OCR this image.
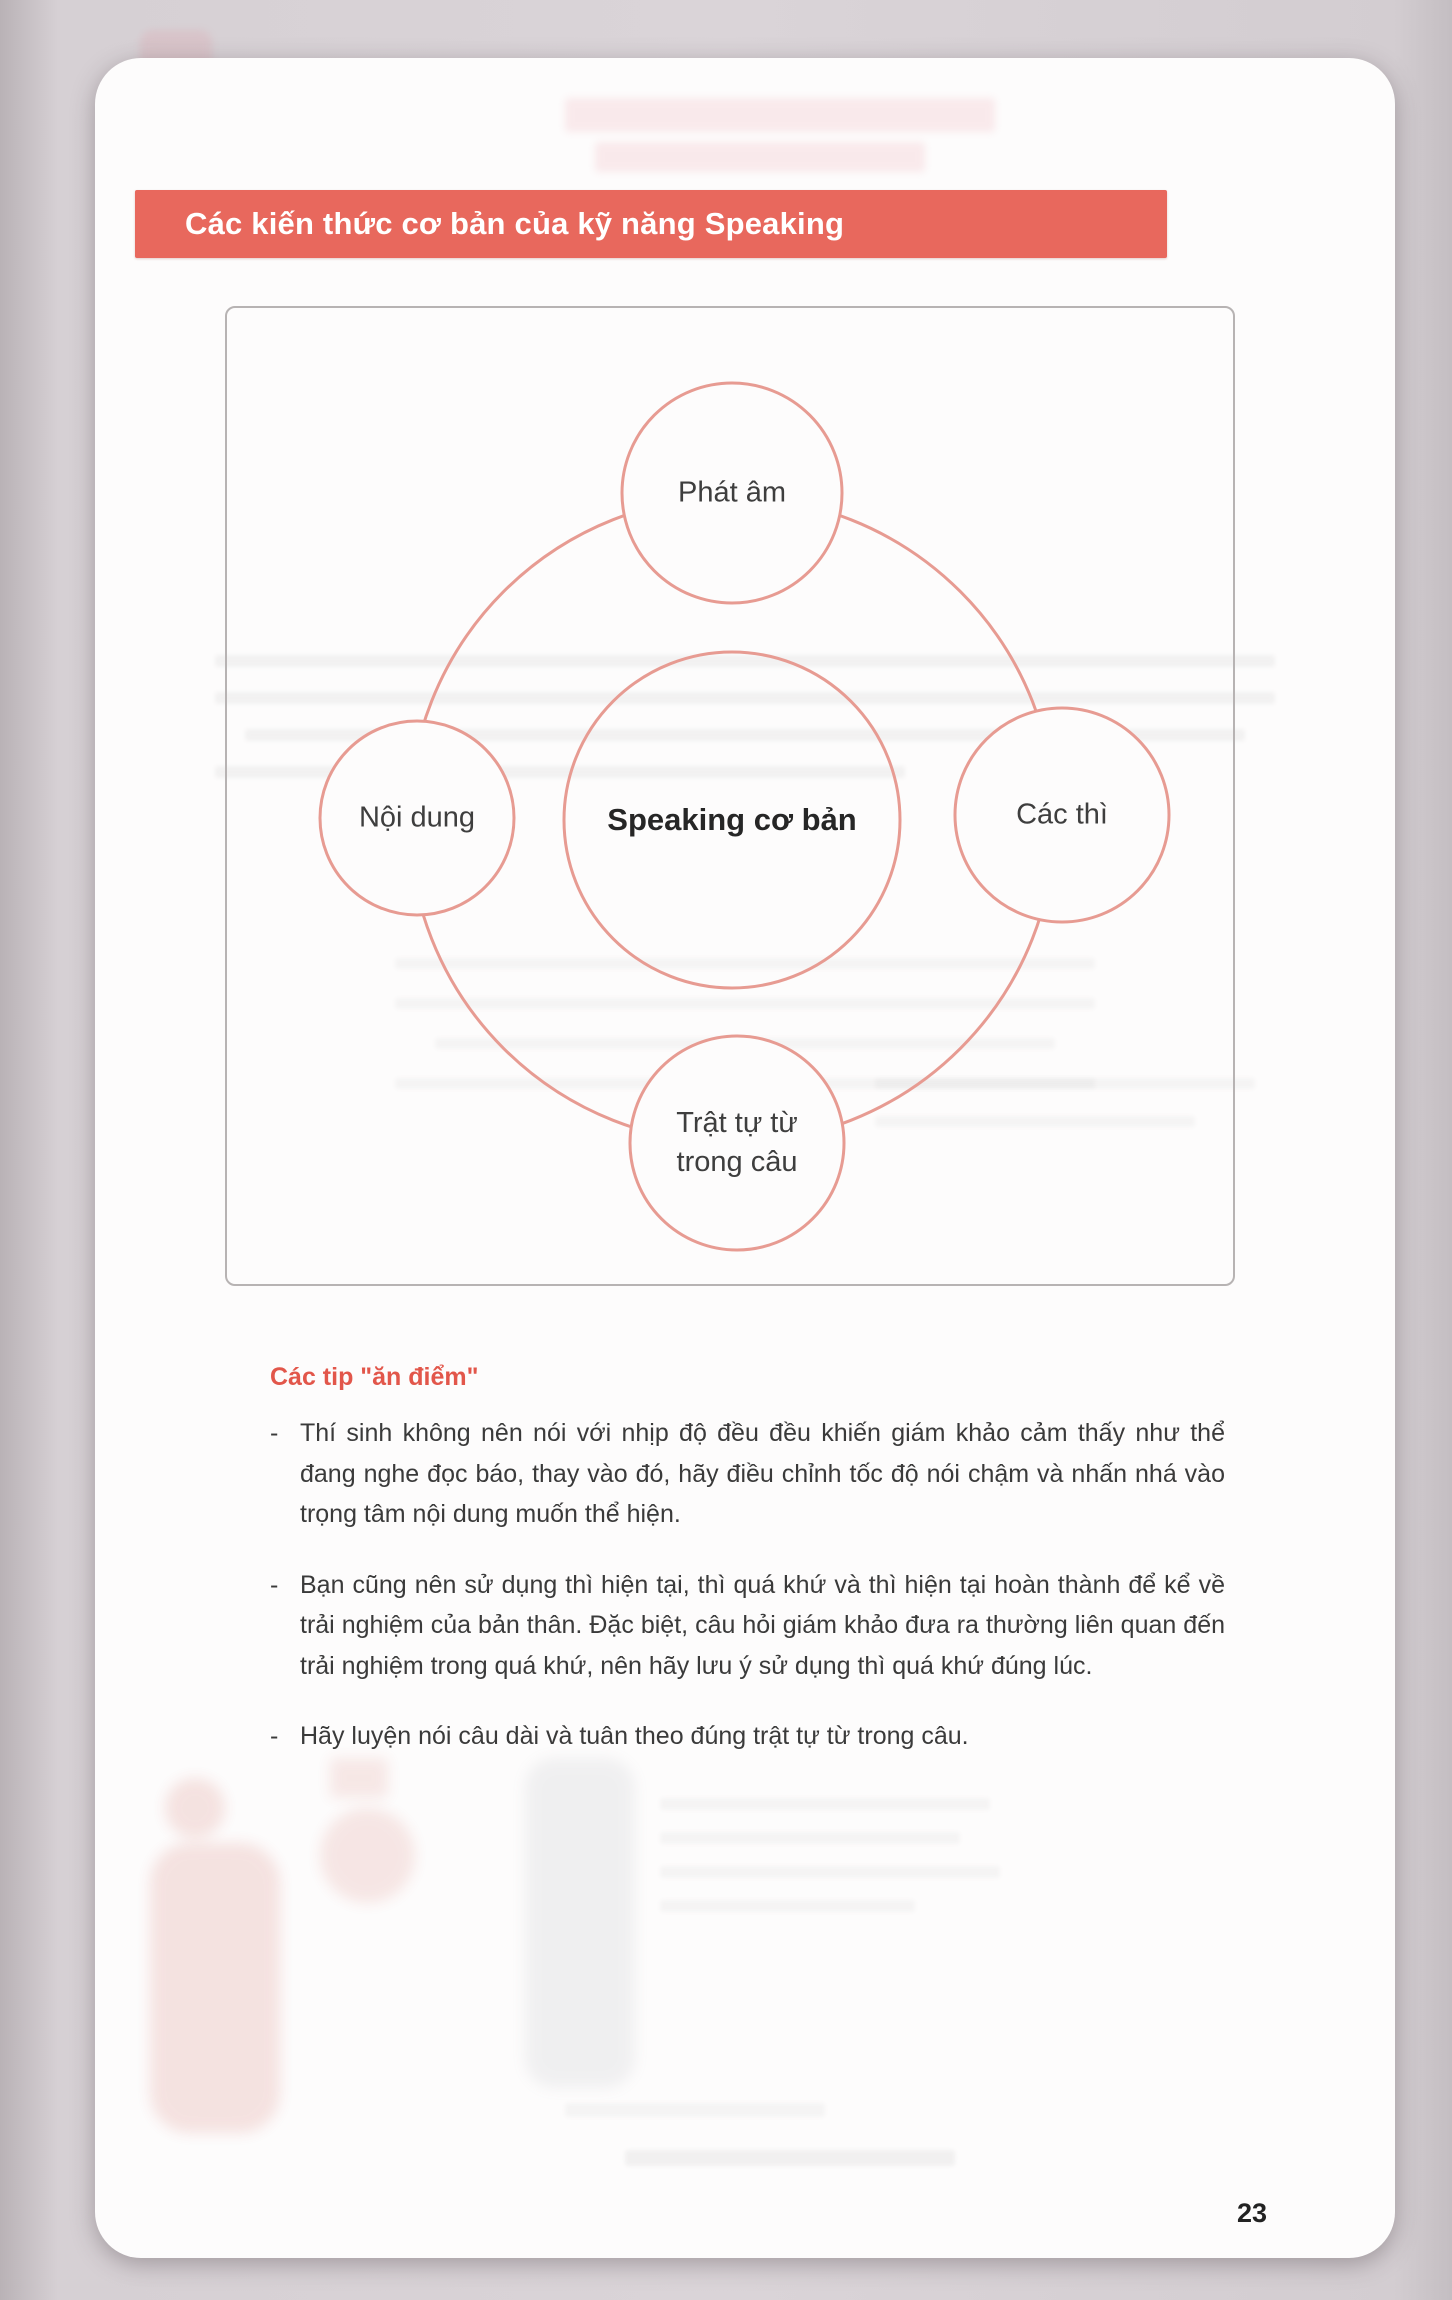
Các kiến thức cơ bản của kỹ năng Speaking
Phát âm
Nội dung	Các thì
Trật tự từ trong câu
Speaking cơ bản
Các tip "ăn điểm"
- Thí sinh không nên nói với nhịp độ đều đều khiến giám khảo cảm thấy như thể đang nghe đọc báo, thay vào đó, hãy điều chỉnh tốc độ nói chậm và nhấn nhá vào trọng tâm nội dung muốn thể hiện.
- Bạn cũng nên sử dụng thì hiện tại, thì quá khứ và thì hiện tại hoàn thành để kể về trải nghiệm của bản thân. Đặc biệt, câu hỏi giám khảo đưa ra thường liên quan đến trải nghiệm trong quá khứ, nên hãy lưu ý sử dụng thì quá khứ đúng lúc.
- Hãy luyện nói câu dài và tuân theo đúng trật tự từ trong câu.
23
